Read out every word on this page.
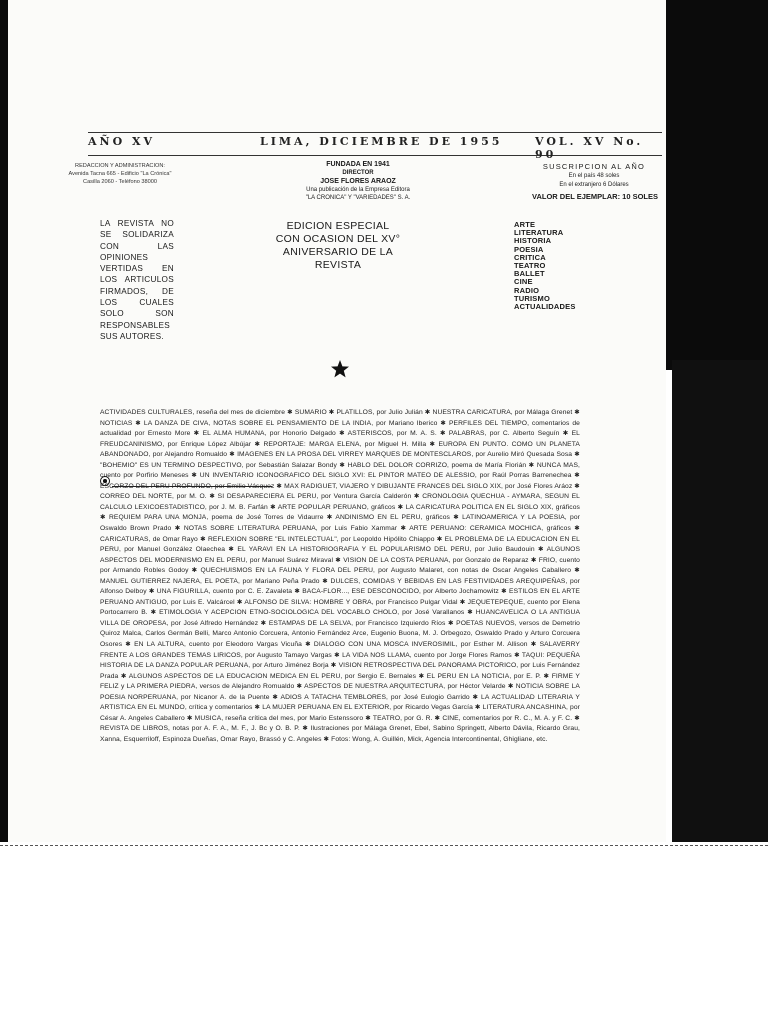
AÑO XV	LIMA, DICIEMBRE DE 1955	VOL. XV No. 90
REDACCION Y ADMINISTRACION:
Avenida Tacna 665 - Edificio "La Crónica"
Casilla 2060 - Teléfono 38000
FUNDADA EN 1941
DIRECTOR
JOSE FLORES ARAOZ
Una publicación de la Empresa Editora
"LA CRONICA" Y "VARIEDADES" S. A.
SUSCRIPCION AL AÑO
En el país 48 soles
En el extranjero 6 Dólares
VALOR DEL EJEMPLAR: 10 SOLES
LA REVISTA NO SE SOLIDARIZA CON LAS OPINIONES VERTIDAS EN LOS ARTICULOS FIRMADOS, DE LOS CUALES SOLO SON RESPONSABLES SUS AUTORES.
EDICION ESPECIAL
CON OCASION DEL XV°
ANIVERSARIO DE LA REVISTA
ARTE
LITERATURA
HISTORIA
POESIA
CRITICA
TEATRO
BALLET
CINE
RADIO
TURISMO
ACTUALIDADES
ACTIVIDADES CULTURALES, reseña del mes de diciembre ✱ SUMARIO ✱ PLATILLOS, por Julio Julián ✱ NUESTRA CARICATURA, por Málaga Grenet ✱ NOTICIAS ✱ LA DANZA DE CIVA, NOTAS SOBRE EL PENSAMIENTO DE LA INDIA, por Mariano Iberico ✱ PERFILES DEL TIEMPO, comentarios de actualidad por Ernesto More ✱ EL ALMA HUMANA, por Honorio Delgado ✱ ASTERISCOS, por M. A. S. ✱ PALABRAS, por C. Alberto Seguín ✱ EL FREUDCANINISMO, por Enrique López Albújar ✱ REPORTAJE: MARGA ELENA, por Miguel H. Milla ✱ EUROPA EN PUNTO. COMO UN PLANETA ABANDONADO, por Alejandro Romualdo ✱ IMAGENES EN LA PROSA DEL VIRREY MARQUES DE MONTESCLAROS, por Aurelio Miró Quesada Sosa ✱ "BOHEMIO" ES UN TERMINO DESPECTIVO, por Sebastián Salazar Bondy ✱ HABLO DEL DOLOR CORRIZO, poema de María Florián ✱ NUNCA MAS, cuento por Porfirio Meneses ✱ UN INVENTARIO ICONOGRAFICO DEL SIGLO XVI: EL PINTOR MATEO DE ALESSIO, por Raúl Porras Barrenechea ✱ ESCORZO DEL PERU PROFUNDO, por Emilio Vásquez ✱ MAX RADIGUET, VIAJERO Y DIBUJANTE FRANCES DEL SIGLO XIX, por José Flores Aráoz ✱ CORREO DEL NORTE, por M. O. ✱ SI DESAPARECIERA EL PERU, por Ventura García Calderón ✱ CRONOLOGIA QUECHUA - AYMARA, SEGUN EL CALCULO LEXICOESTADISTICO, por J. M. B. Farfán ✱ ARTE POPULAR PERUANO, gráficos ✱ LA CARICATURA POLITICA EN EL SIGLO XIX, gráficos ✱ REQUIEM PARA UNA MONJA, poema de José Torres de Vidaurre ✱ ANDINISMO EN EL PERU, gráficos ✱ LATINOAMERICA Y LA POESIA, por Oswaldo Brown Prado ✱ NOTAS SOBRE LITERATURA PERUANA, por Luis Fabio Xammar ✱ ARTE PERUANO: CERAMICA MOCHICA, gráficos ✱ CARICATURAS, de Omar Rayo ✱ REFLEXION SOBRE "EL INTELECTUAL", por Leopoldo Hipólito Chiappo ✱ EL PROBLEMA DE LA EDUCACION EN EL PERU, por Manuel González Olaechea ✱ EL YARAVI EN LA HISTORIOGRAFIA Y EL POPULARISMO DEL PERU, por Julio Baudouin ✱ ALGUNOS ASPECTOS DEL MODERNISMO EN EL PERU, por Manuel Suárez Miraval ✱ VISION DE LA COSTA PERUANA, por Gonzalo de Reparaz ✱ FRIO, cuento por Armando Robles Godoy ✱ QUECHUISMOS EN LA FAUNA Y FLORA DEL PERU, por Augusto Malaret, con notas de Oscar Angeles Caballero ✱ MANUEL GUTIERREZ NAJERA, EL POETA, por Mariano Peña Prado ✱ DULCES, COMIDAS Y BEBIDAS EN LAS FESTIVIDADES AREQUIPEÑAS, por Alfonso Delboy ✱ UNA FIGURILLA, cuento por C. E. Zavaleta ✱ BACA-FLOR..., ESE DESCONOCIDO, por Alberto Jochamowitz ✱ ESTILOS EN EL ARTE PERUANO ANTIGUO, por Luis E. Valcárcel ✱ ALFONSO DE SILVA: HOMBRE Y OBRA, por Francisco Pulgar Vidal ✱ JEQUETEPEQUE, cuento por Elena Portocarrero B. ✱ ETIMOLOGIA Y ACEPCION ETNO-SOCIOLOGICA DEL VOCABLO CHOLO, por José Varallanos ✱ HUANCAVELICA O LA ANTIGUA VILLA DE OROPESA, por José Alfredo Hernández ✱ ESTAMPAS DE LA SELVA, por Francisco Izquierdo Ríos ✱ POETAS NUEVOS, versos de Demetrio Quiroz Malca, Carlos Germán Belli, Marco Antonio Corcuera, Antonio Fernández Arce, Eugenio Buona, M. J. Orbegozo, Oswaldo Prado y Arturo Corcuera Osores ✱ EN LA ALTURA, cuento por Eleodoro Vargas Vicuña ✱ DIALOGO CON UNA MOSCA INVEROSIMIL, por Esther M. Allison ✱ SALAVERRY FRENTE A LOS GRANDES TEMAS LIRICOS, por Augusto Tamayo Vargas ✱ LA VIDA NOS LLAMA, cuento por Jorge Flores Ramos ✱ TAQUI: PEQUEÑA HISTORIA DE LA DANZA POPULAR PERUANA, por Arturo Jiménez Borja ✱ VISION RETROSPECTIVA DEL PANORAMA PICTORICO, por Luis Fernández Prada ✱ ALGUNOS ASPECTOS DE LA EDUCACION MEDICA EN EL PERU, por Sergio E. Bernales ✱ EL PERU EN LA NOTICIA, por E. P. ✱ FIRME Y FELIZ y LA PRIMERA PIEDRA, versos de Alejandro Romualdo ✱ ASPECTOS DE NUESTRA ARQUITECTURA, por Héctor Velarde ✱ NOTICIA SOBRE LA POESIA NORPERUANA, por Nicanor A. de la Puente ✱ ADIOS A TATACHA TEMBLORES, por José Eulogio Garrido ✱ LA ACTUALIDAD LITERARIA Y ARTISTICA EN EL MUNDO, crítica y comentarios ✱ LA MUJER PERUANA EN EL EXTERIOR, por Ricardo Vegas García ✱ LITERATURA ANCASHINA, por César A. Angeles Caballero ✱ MUSICA, reseña crítica del mes, por Mario Estenssoro ✱ TEATRO, por G. R. ✱ CINE, comentarios por R. C., M. A. y F. C. ✱ REVISTA DE LIBROS, notas por A. F. A., M. F., J. Bc y O. B. P. ✱ Ilustraciones por Málaga Grenet, Ebel, Sabino Springett, Alberto Dávila, Ricardo Grau, Xanna, Esquerriloff, Espinoza Dueñas, Omar Rayo, Brassó y C. Angeles ✱ Fotos: Wong, A. Guillén, Mick, Agencia Intercontinental, Ghigliane, etc.
